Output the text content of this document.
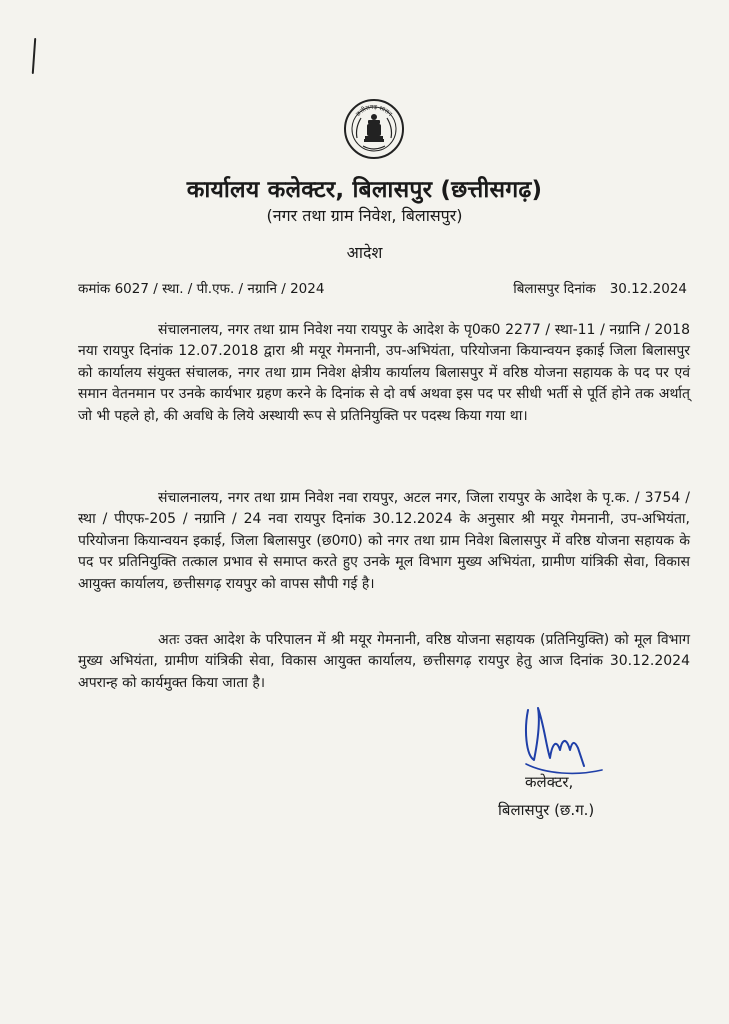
छत्तीसगढ़ शासन
कार्यालय कलेक्टर, बिलासपुर (छत्तीसगढ़)
(नगर तथा ग्राम निवेश, बिलासपुर)
आदेश
कमांक 6027 / स्था. / पी.एफ. / नग्रानि / 2024	बिलासपुर दिनांक 30.12.2024

संचालनालय, नगर तथा ग्राम निवेश नया रायपुर के आदेश के पृ0क0 2277 / स्था-11 / नग्रानि / 2018 नया रायपुर दिनांक 12.07.2018 द्वारा श्री मयूर गेमनानी, उप-अभियंता, परियोजना कियान्वयन इकाई जिला बिलासपुर को कार्यालय संयुक्त संचालक, नगर तथा ग्राम निवेश क्षेत्रीय कार्यालय बिलासपुर में वरिष्ठ योजना सहायक के पद पर एवं समान वेतनमान पर उनके कार्यभार ग्रहण करने के दिनांक से दो वर्ष अथवा इस पद पर सीधी भर्ती से पूर्ति होने तक अर्थात् जो भी पहले हो, की अवधि के लिये अस्थायी रूप से प्रतिनियुक्ति पर पदस्थ किया गया था।

संचालनालय, नगर तथा ग्राम निवेश नवा रायपुर, अटल नगर, जिला रायपुर के आदेश के पृ.क. / 3754 / स्था / पीएफ-205 / नग्रानि / 24 नवा रायपुर दिनांक 30.12.2024 के अनुसार श्री मयूर गेमनानी, उप-अभियंता, परियोजना कियान्वयन इकाई, जिला बिलासपुर (छ0ग0) को नगर तथा ग्राम निवेश बिलासपुर में वरिष्ठ योजना सहायक के पद पर प्रतिनियुक्ति तत्काल प्रभाव से समाप्त करते हुए उनके मूल विभाग मुख्य अभियंता, ग्रामीण यांत्रिकी सेवा, विकास आयुक्त कार्यालय, छत्तीसगढ़ रायपुर को वापस सौपी गई है।

अतः उक्त आदेश के परिपालन में श्री मयूर गेमनानी, वरिष्ठ योजना सहायक (प्रतिनियुक्ति) को मूल विभाग मुख्य अभियंता, ग्रामीण यांत्रिकी सेवा, विकास आयुक्त कार्यालय, छत्तीसगढ़ रायपुर हेतु आज दिनांक 30.12.2024 अपरान्ह को कार्यमुक्त किया जाता है।

कलेक्टर,
बिलासपुर (छ.ग.)
